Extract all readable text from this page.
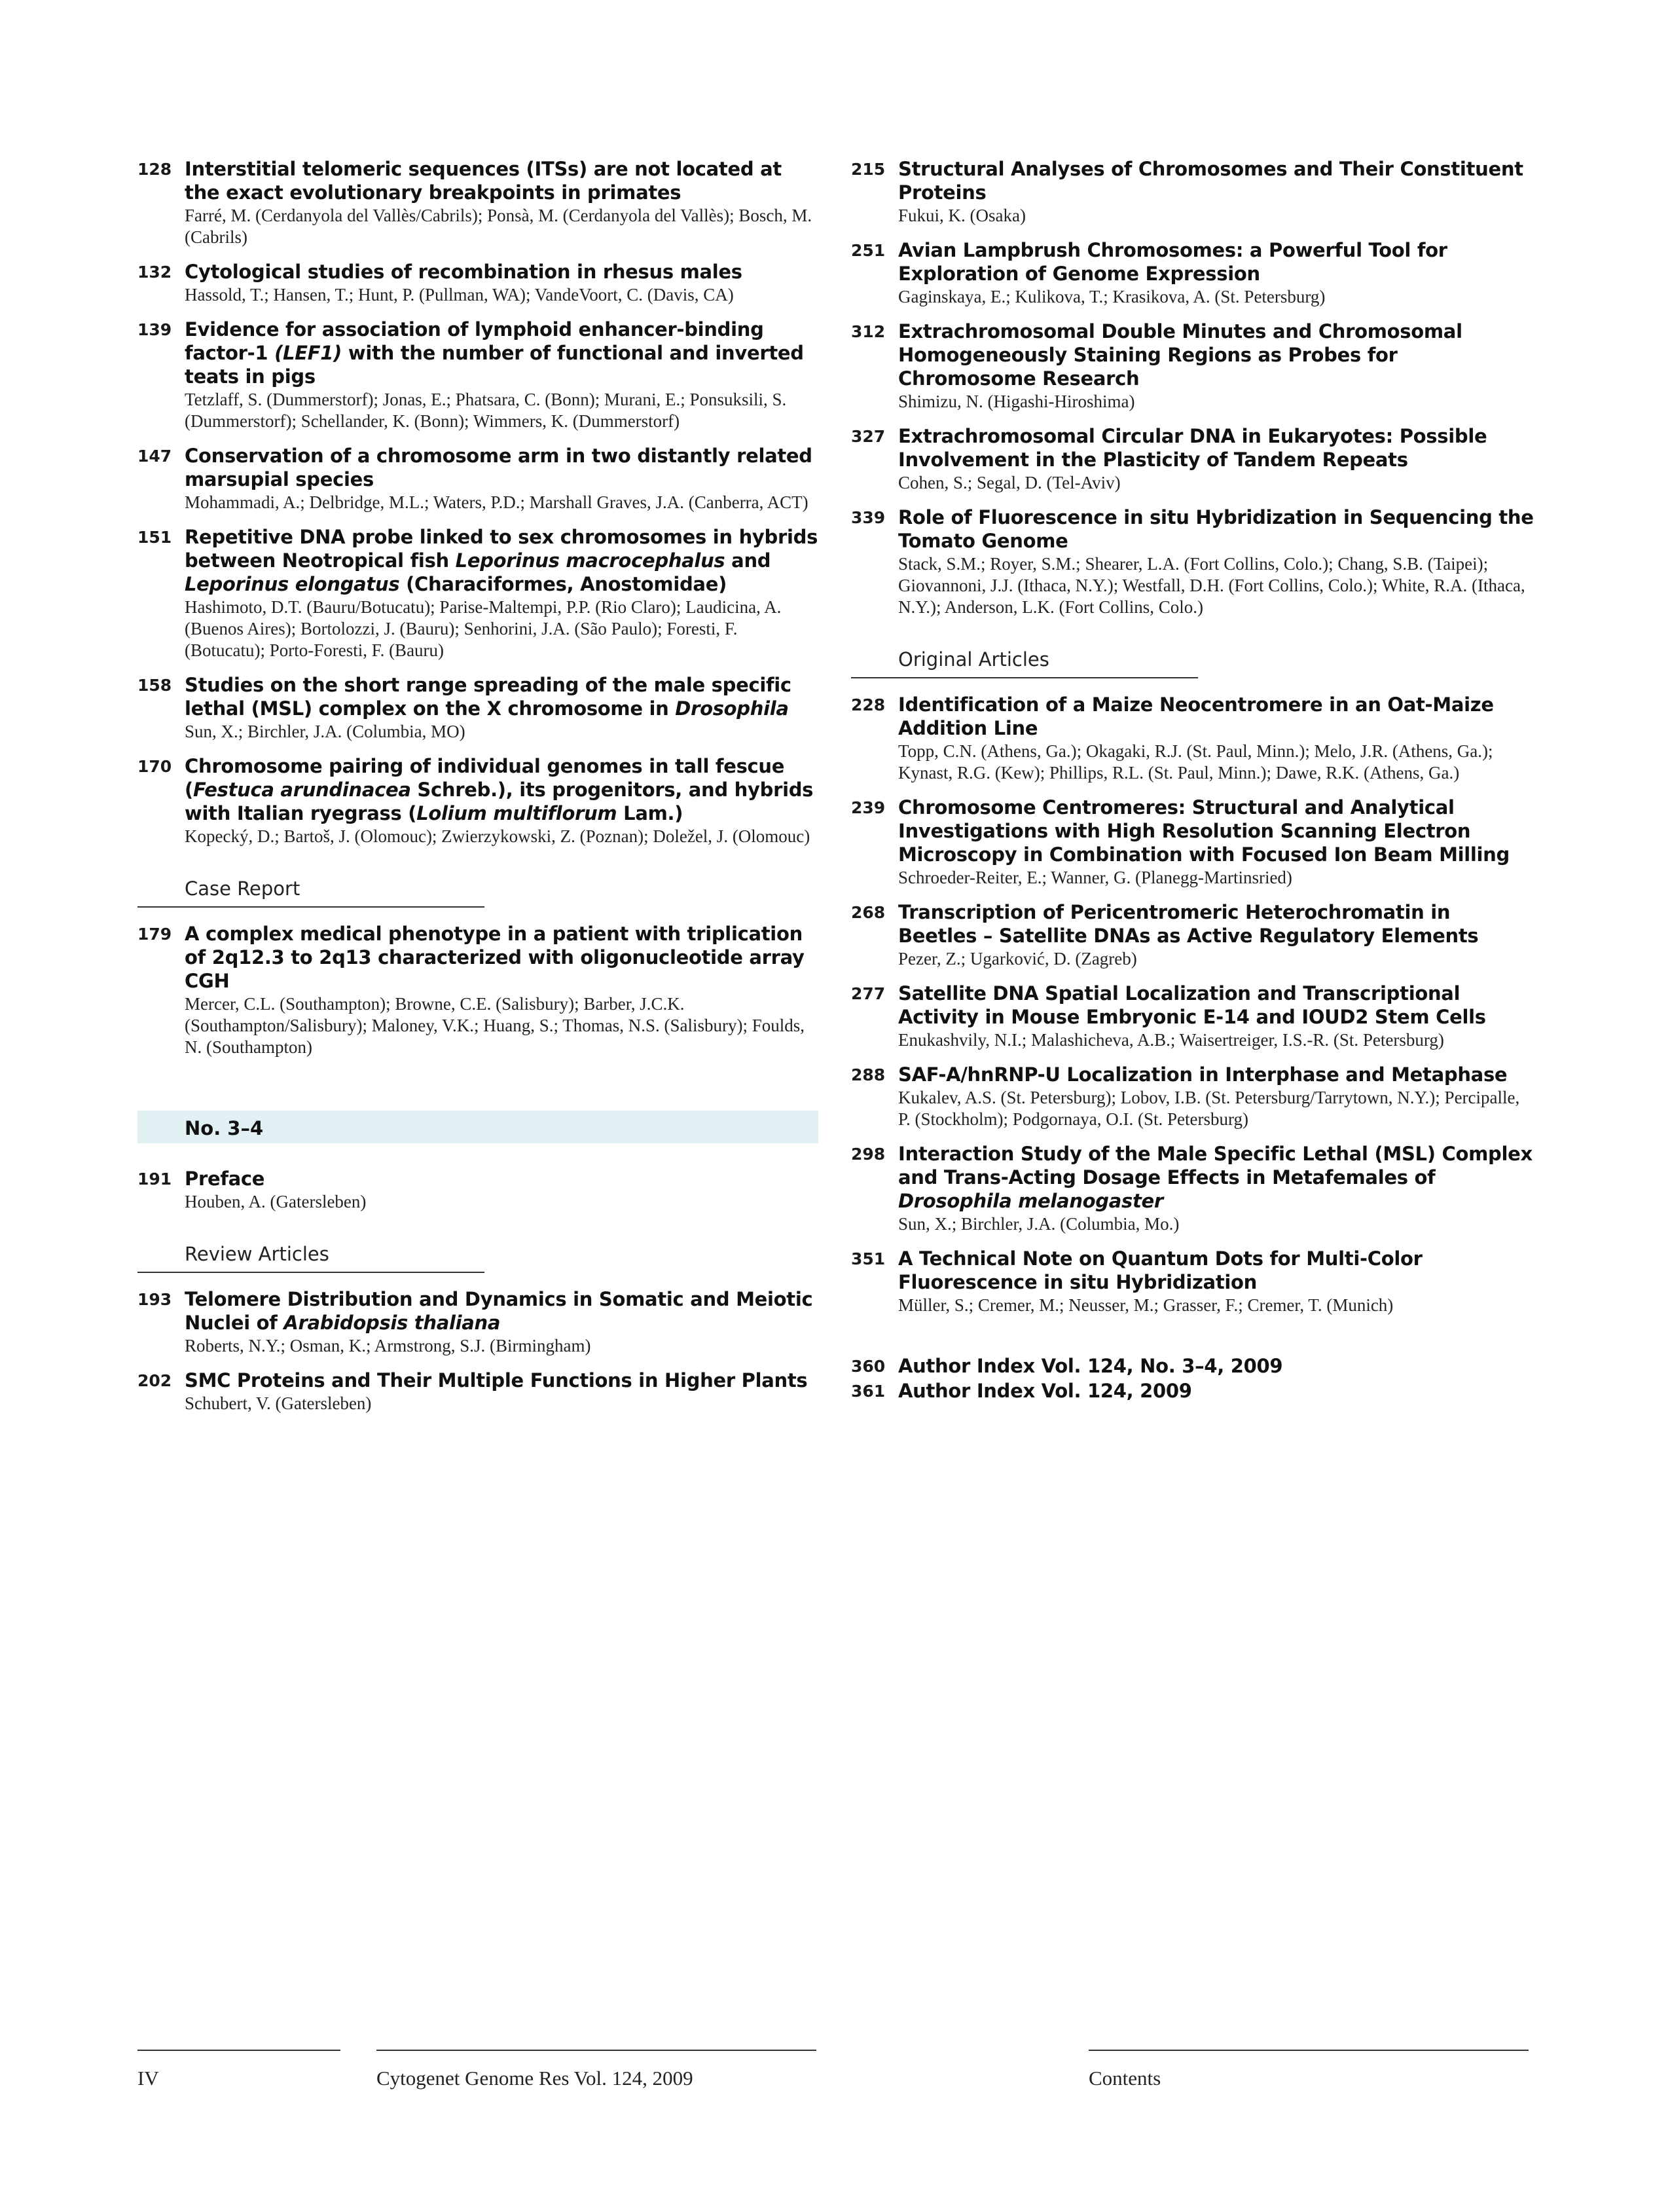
128 Interstitial telomeric sequences (ITSs) are not located at the exact evolutionary breakpoints in primates
Farré, M. (Cerdanyola del Vallès/Cabrils); Ponsà, M. (Cerdanyola del Vallès); Bosch, M. (Cabrils)
132 Cytological studies of recombination in rhesus males
Hassold, T.; Hansen, T.; Hunt, P. (Pullman, WA); VandeVoort, C. (Davis, CA)
139 Evidence for association of lymphoid enhancer-binding factor-1 (LEF1) with the number of functional and inverted teats in pigs
Tetzlaff, S. (Dummerstorf); Jonas, E.; Phatsara, C. (Bonn); Murani, E.; Ponsuksili, S. (Dummerstorf); Schellander, K. (Bonn); Wimmers, K. (Dummerstorf)
147 Conservation of a chromosome arm in two distantly related marsupial species
Mohammadi, A.; Delbridge, M.L.; Waters, P.D.; Marshall Graves, J.A. (Canberra, ACT)
151 Repetitive DNA probe linked to sex chromosomes in hybrids between Neotropical fish Leporinus macrocephalus and Leporinus elongatus (Characiformes, Anostomidae)
Hashimoto, D.T. (Bauru/Botucatu); Parise-Maltempi, P.P. (Rio Claro); Laudicina, A. (Buenos Aires); Bortolozzi, J. (Bauru); Senhorini, J.A. (São Paulo); Foresti, F. (Botucatu); Porto-Foresti, F. (Bauru)
158 Studies on the short range spreading of the male specific lethal (MSL) complex on the X chromosome in Drosophila
Sun, X.; Birchler, J.A. (Columbia, MO)
170 Chromosome pairing of individual genomes in tall fescue (Festuca arundinacea Schreb.), its progenitors, and hybrids with Italian ryegrass (Lolium multiflorum Lam.)
Kopecký, D.; Bartoš, J. (Olomouc); Zwierzykowski, Z. (Poznan); Doležel, J. (Olomouc)
Case Report
179 A complex medical phenotype in a patient with triplication of 2q12.3 to 2q13 characterized with oligonucleotide array CGH
Mercer, C.L. (Southampton); Browne, C.E. (Salisbury); Barber, J.C.K. (Southampton/Salisbury); Maloney, V.K.; Huang, S.; Thomas, N.S. (Salisbury); Foulds, N. (Southampton)
No. 3–4
191 Preface
Houben, A. (Gatersleben)
Review Articles
193 Telomere Distribution and Dynamics in Somatic and Meiotic Nuclei of Arabidopsis thaliana
Roberts, N.Y.; Osman, K.; Armstrong, S.J. (Birmingham)
202 SMC Proteins and Their Multiple Functions in Higher Plants
Schubert, V. (Gatersleben)
215 Structural Analyses of Chromosomes and Their Constituent Proteins
Fukui, K. (Osaka)
251 Avian Lampbrush Chromosomes: a Powerful Tool for Exploration of Genome Expression
Gaginskaya, E.; Kulikova, T.; Krasikova, A. (St. Petersburg)
312 Extrachromosomal Double Minutes and Chromosomal Homogeneously Staining Regions as Probes for Chromosome Research
Shimizu, N. (Higashi-Hiroshima)
327 Extrachromosomal Circular DNA in Eukaryotes: Possible Involvement in the Plasticity of Tandem Repeats
Cohen, S.; Segal, D. (Tel-Aviv)
339 Role of Fluorescence in situ Hybridization in Sequencing the Tomato Genome
Stack, S.M.; Royer, S.M.; Shearer, L.A. (Fort Collins, Colo.); Chang, S.B. (Taipei); Giovannoni, J.J. (Ithaca, N.Y.); Westfall, D.H. (Fort Collins, Colo.); White, R.A. (Ithaca, N.Y.); Anderson, L.K. (Fort Collins, Colo.)
Original Articles
228 Identification of a Maize Neocentromere in an Oat-Maize Addition Line
Topp, C.N. (Athens, Ga.); Okagaki, R.J. (St. Paul, Minn.); Melo, J.R. (Athens, Ga.); Kynast, R.G. (Kew); Phillips, R.L. (St. Paul, Minn.); Dawe, R.K. (Athens, Ga.)
239 Chromosome Centromeres: Structural and Analytical Investigations with High Resolution Scanning Electron Microscopy in Combination with Focused Ion Beam Milling
Schroeder-Reiter, E.; Wanner, G. (Planegg-Martinsried)
268 Transcription of Pericentromeric Heterochromatin in Beetles – Satellite DNAs as Active Regulatory Elements
Pezer, Z.; Ugarković, D. (Zagreb)
277 Satellite DNA Spatial Localization and Transcriptional Activity in Mouse Embryonic E-14 and IOUD2 Stem Cells
Enukashvily, N.I.; Malashicheva, A.B.; Waisertreiger, I.S.-R. (St. Petersburg)
288 SAF-A/hnRNP-U Localization in Interphase and Metaphase
Kukalev, A.S. (St. Petersburg); Lobov, I.B. (St. Petersburg/Tarrytown, N.Y.); Percipalle, P. (Stockholm); Podgornaya, O.I. (St. Petersburg)
298 Interaction Study of the Male Specific Lethal (MSL) Complex and Trans-Acting Dosage Effects in Metafemales of Drosophila melanogaster
Sun, X.; Birchler, J.A. (Columbia, Mo.)
351 A Technical Note on Quantum Dots for Multi-Color Fluorescence in situ Hybridization
Müller, S.; Cremer, M.; Neusser, M.; Grasser, F.; Cremer, T. (Munich)
360 Author Index Vol. 124, No. 3–4, 2009
361 Author Index Vol. 124, 2009
IV	Cytogenet Genome Res Vol. 124, 2009	Contents
